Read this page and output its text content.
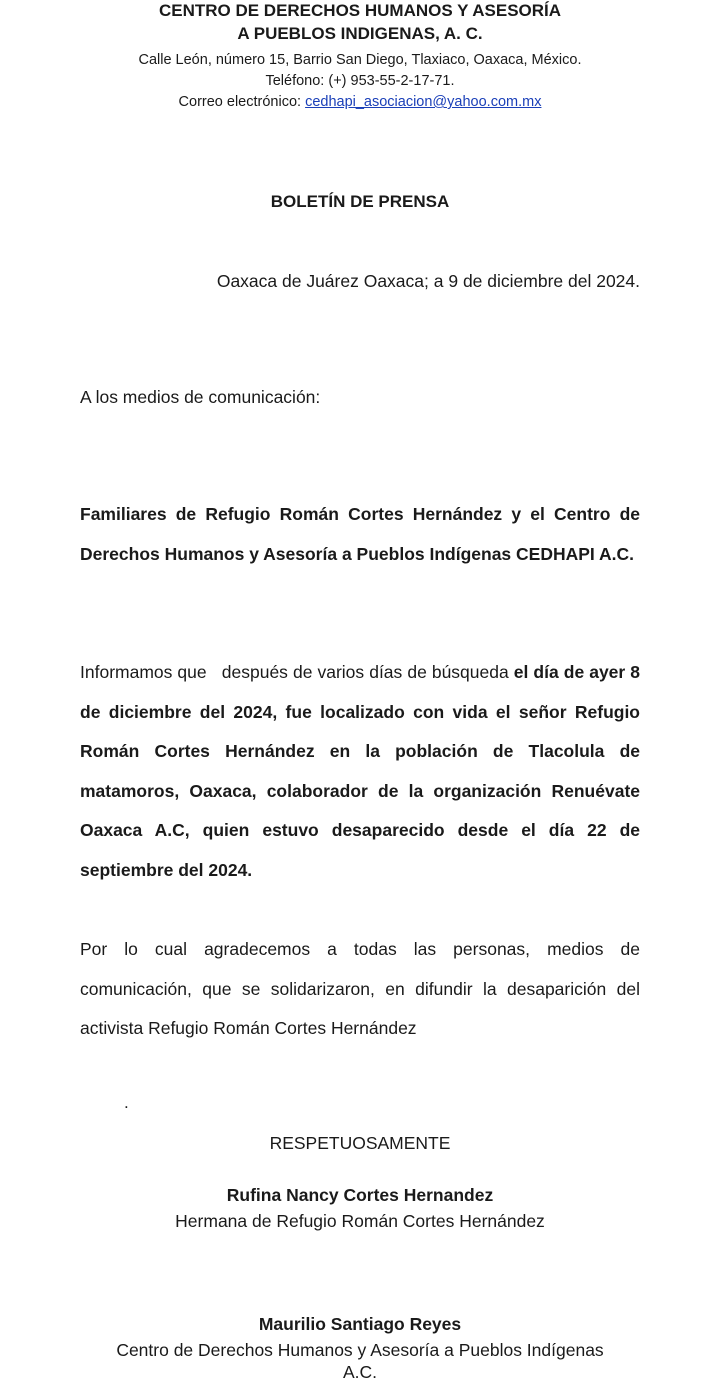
CENTRO DE DERECHOS HUMANOS Y ASESORÍA
A PUEBLOS INDIGENAS, A. C.
Calle León, número 15, Barrio San Diego, Tlaxiaco, Oaxaca, México.
Teléfono: (+) 953-55-2-17-71.
Correo electrónico: cedhapi_asociacion@yahoo.com.mx
BOLETÍN DE PRENSA
Oaxaca de Juárez Oaxaca; a 9 de diciembre del 2024.
A los medios de comunicación:
Familiares de Refugio Román Cortes Hernández y el Centro de Derechos Humanos y Asesoría a Pueblos Indígenas CEDHAPI A.C.
Informamos que   después de varios días de búsqueda el día de ayer 8 de diciembre del 2024, fue localizado con vida el señor Refugio Román Cortes Hernández en la población de Tlacolula de matamoros, Oaxaca, colaborador de la organización Renuévate Oaxaca A.C, quien estuvo desaparecido desde el día 22 de septiembre del 2024.
Por lo cual agradecemos a todas las personas, medios de comunicación, que se solidarizaron, en difundir la desaparición del activista Refugio Román Cortes Hernández
.
RESPETUOSAMENTE
Rufina Nancy Cortes Hernandez
Hermana de Refugio Román Cortes Hernández
Maurilio Santiago Reyes
Centro de Derechos Humanos y Asesoría a Pueblos Indígenas
A.C.
